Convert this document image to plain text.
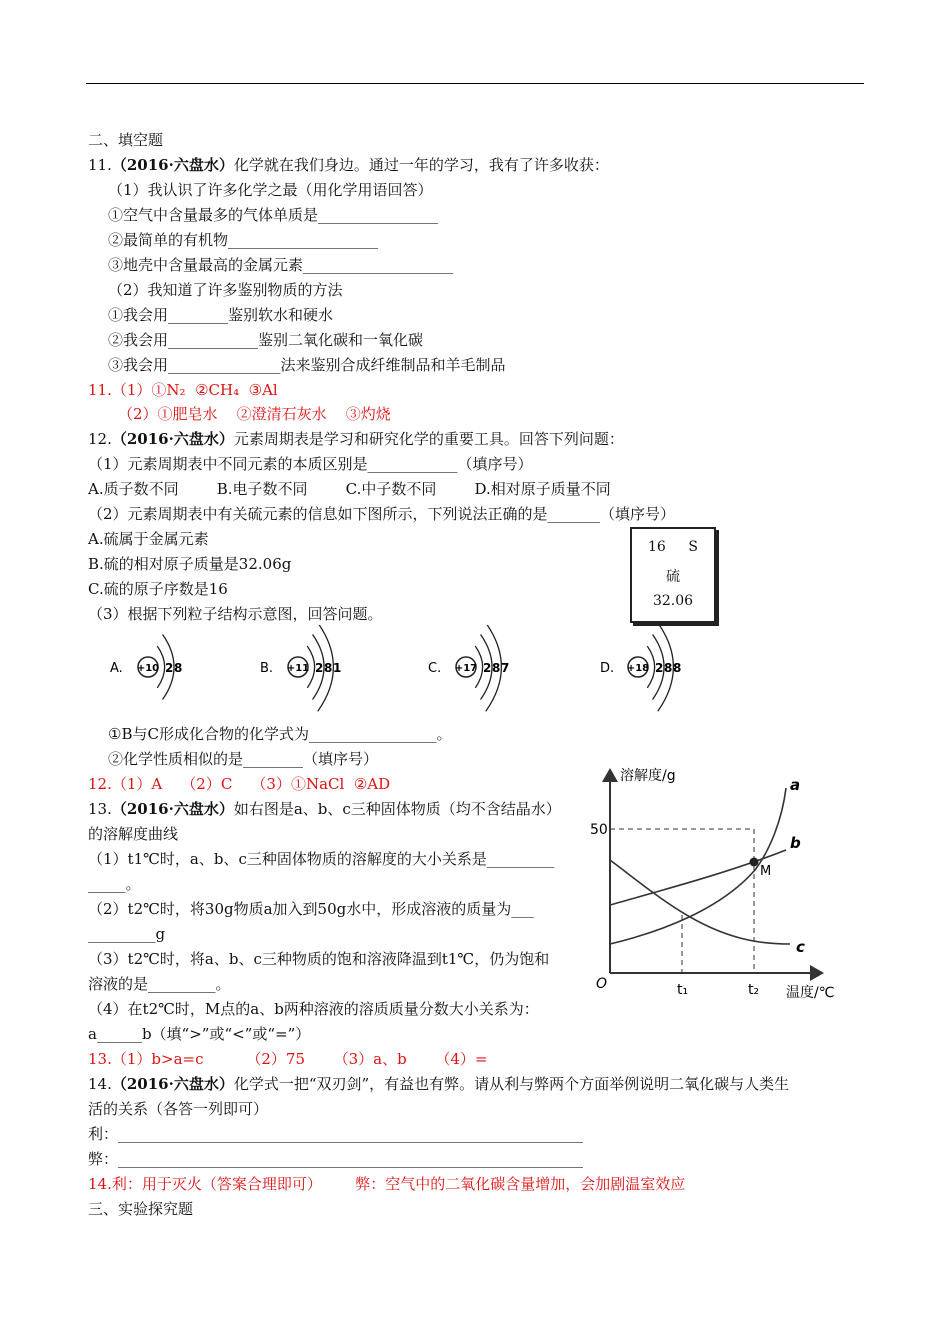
二、填空题
11.（2016·六盘水）化学就在我们身边。通过一年的学习，我有了许多收获：
（1）我认识了许多化学之最（用化学用语回答）
①空气中含量最多的气体单质是________________
②最简单的有机物____________________
③地壳中含量最高的金属元素____________________
（2）我知道了许多鉴别物质的方法
①我会用________鉴别软水和硬水
②我会用____________鉴别二氧化碳和一氧化碳
③我会用_______________法来鉴别合成纤维制品和羊毛制品
11.（1）①N₂  ②CH₄  ③Al
（2）①肥皂水    ②澄清石灰水    ③灼烧
12.（2016·六盘水）元素周期表是学习和研究化学的重要工具。回答下列问题：
（1）元素周期表中不同元素的本质区别是____________（填序号）
A.质子数不同        B.电子数不同        C.中子数不同        D.相对原子质量不同
（2）元素周期表中有关硫元素的信息如下图所示，下列说法正确的是_______（填序号）
A.硫属于金属元素
B.硫的相对原子质量是32.06g
C.硫的原子序数是16
（3）根据下列粒子结构示意图，回答问题。
16 S
硫
32.06
A. +10 2 8	B. +11 2 8 1	C. +17 2 8 7	D. +18 2 8 8
①B与C形成化合物的化学式为_________________。
②化学性质相似的是________（填序号）
12.（1）A    （2）C    （3）①NaCl  ②AD
13.（2016·六盘水）如右图是a、b、c三种固体物质（均不含结晶水）
的溶解度曲线
（1）t1℃时，a、b、c三种固体物质的溶解度的大小关系是_________
_____。
（2）t2℃时，将30g物质a加入到50g水中，形成溶液的质量为___
_________g
（3）t2℃时，将a、b、c三种物质的饱和溶液降温到t1℃，仍为饱和
溶液的是_________。
（4）在t2℃时，M点的a、b两种溶液的溶质质量分数大小关系为：
a______b（填“>”或“<”或“=”）
13.（1）b>a=c         （2）75      （3）a、b      （4）=
溶解度/g
温度/℃
O
50
t₁	t₂
M
a
b
c
14.（2016·六盘水）化学式一把“双刃剑”，有益也有弊。请从利与弊两个方面举例说明二氧化碳与人类生
活的关系（各答一列即可）
利：______________________________________________________________
弊：______________________________________________________________
14.利：用于灭火（答案合理即可）       弊：空气中的二氧化碳含量增加，会加剧温室效应
三、实验探究题
